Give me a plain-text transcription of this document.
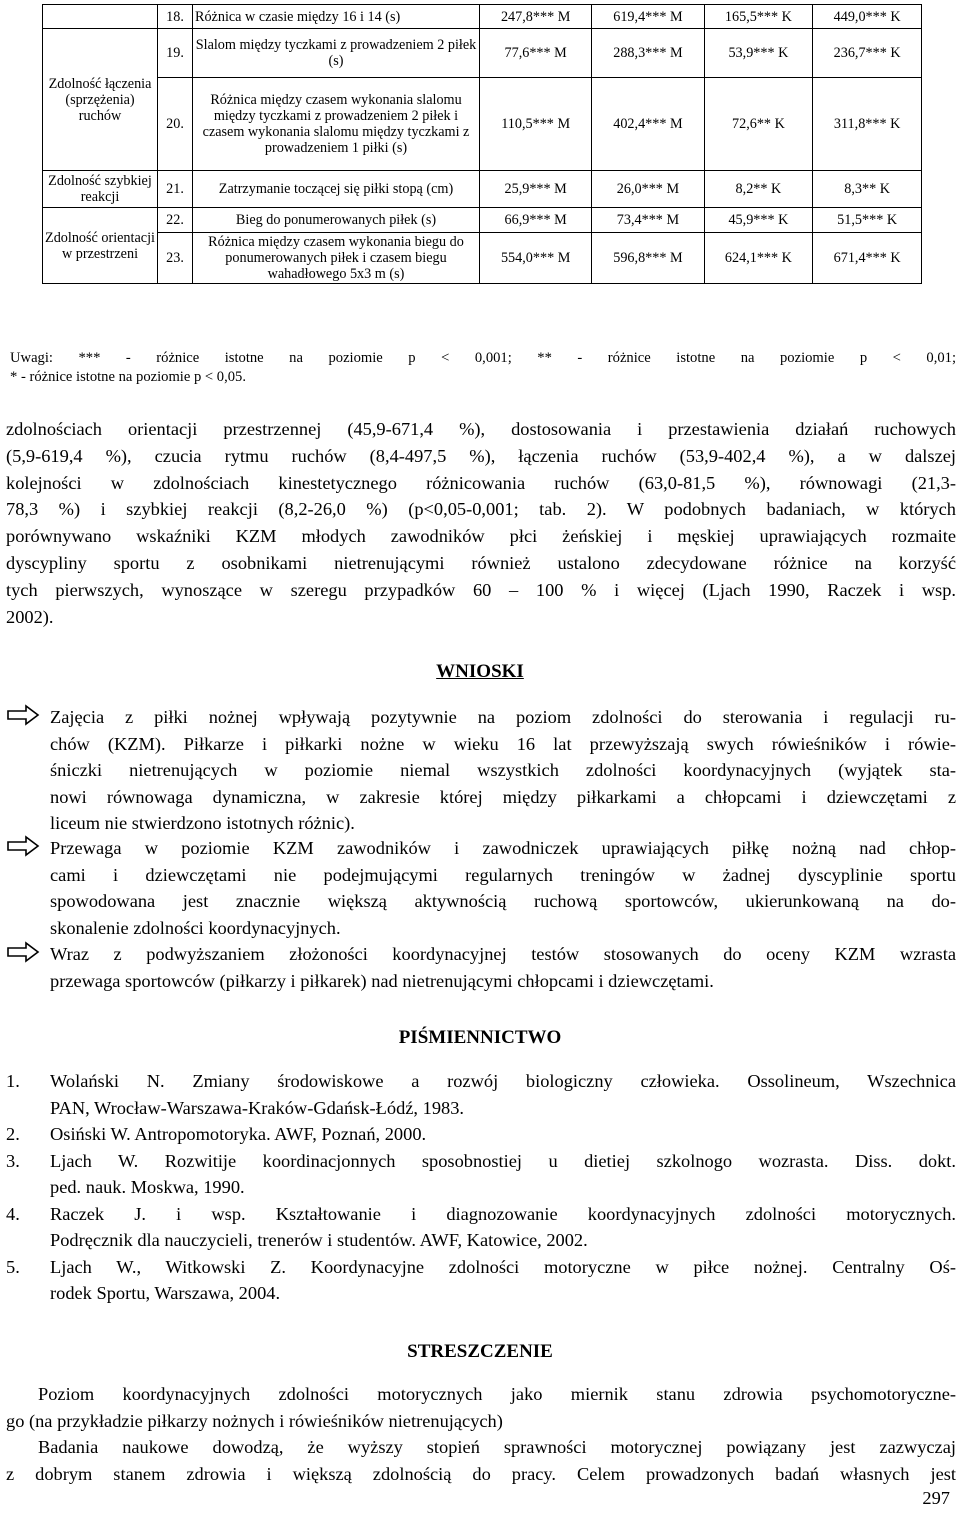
	18.	Różnica w czasie między 16 i 14 (s)	247,8*** M	619,4*** M	165,5*** K	449,0*** K
Zdolność łączenia (sprzężenia) ruchów	19.	Slalom między tyczkami z prowadzeniem 2 piłek (s)	77,6*** M	288,3*** M	53,9*** K	236,7*** K
	20.	Różnica między czasem wykonania slalomu między tyczkami z prowadzeniem 2 piłek i czasem wykonania slalomu między tyczkami z prowadzeniem 1 piłki (s)	110,5*** M	402,4*** M	72,6** K	311,8*** K
Zdolność szybkiej reakcji	21.	Zatrzymanie toczącej się piłki stopą (cm)	25,9*** M	26,0*** M	8,2** K	8,3** K
Zdolność orientacji w przestrzeni	22.	Bieg do ponumerowanych piłek (s)	66,9*** M	73,4*** M	45,9*** K	51,5*** K
	23.	Różnica między czasem wykonania biegu do ponumerowanych piłek i czasem biegu wahadłowego 5x3 m (s)	554,0*** M	596,8*** M	624,1*** K	671,4*** K
Uwagi: *** - różnice istotne na poziomie p < 0,001; ** - różnice istotne na poziomie p < 0,01;
* - różnice istotne na poziomie p < 0,05.
zdolnościach orientacji przestrzennej (45,9-671,4 %), dostosowania i przestawienia działań ruchowych
(5,9-619,4 %), czucia rytmu ruchów (8,4-497,5 %), łączenia ruchów (53,9-402,4 %), a w dalszej
kolejności w zdolnościach kinestetycznego różnicowania ruchów (63,0-81,5 %), równowagi (21,3-
78,3 %) i szybkiej reakcji (8,2-26,0 %) (p<0,05-0,001; tab. 2). W podobnych badaniach, w których
porównywano wskaźniki KZM młodych zawodników płci żeńskiej i męskiej uprawiających rozmaite
dyscypliny sportu z osobnikami nietrenującymi również ustalono zdecydowane różnice na korzyść
tych pierwszych, wynoszące w szeregu przypadków 60 – 100 % i więcej (Ljach 1990, Raczek i wsp.
2002).
WNIOSKI
Zajęcia z piłki nożnej wpływają pozytywnie na poziom zdolności do sterowania i regulacji ru-
chów (KZM). Piłkarze i piłkarki nożne w wieku 16 lat przewyższają swych rówieśników i rówie-
śniczki nietrenujących w poziomie niemal wszystkich zdolności koordynacyjnych (wyjątek sta-
nowi równowaga dynamiczna, w zakresie której między piłkarkami a chłopcami i dziewczętami z
liceum nie stwierdzono istotnych różnic).
Przewaga w poziomie KZM zawodników i zawodniczek uprawiających piłkę nożną nad chłop-
cami i dziewczętami nie podejmującymi regularnych treningów w żadnej dyscyplinie sportu
spowodowana jest znacznie większą aktywnością ruchową sportowców, ukierunkowaną na do-
skonalenie zdolności koordynacyjnych.
Wraz z podwyższaniem złożoności koordynacyjnej testów stosowanych do oceny KZM wzrasta
przewaga sportowców (piłkarzy i piłkarek) nad nietrenującymi chłopcami i dziewczętami.
PIŚMIENNICTWO
1. Wolański N. Zmiany środowiskowe a rozwój biologiczny człowieka. Ossolineum, Wszechnica
PAN, Wrocław-Warszawa-Kraków-Gdańsk-Łódź, 1983.
2. Osiński W. Antropomotoryka. AWF, Poznań, 2000.
3. Ljach W. Rozwitije koordinacjonnych sposobnostiej u dietiej szkolnogo wozrasta. Diss. dokt.
ped. nauk. Moskwa, 1990.
4. Raczek J. i wsp. Kształtowanie i diagnozowanie koordynacyjnych zdolności motorycznych.
Podręcznik dla nauczycieli, trenerów i studentów. AWF, Katowice, 2002.
5. Ljach W., Witkowski Z. Koordynacyjne zdolności motoryczne w piłce nożnej. Centralny Oś-
rodek Sportu, Warszawa, 2004.
STRESZCZENIE
Poziom koordynacyjnych zdolności motorycznych jako miernik stanu zdrowia psychomotoryczne-
go (na przykładzie piłkarzy nożnych i rówieśników nietrenujących)
Badania naukowe dowodzą, że wyższy stopień sprawności motorycznej powiązany jest zazwyczaj
z dobrym stanem zdrowia i większą zdolnością do pracy. Celem prowadzonych badań własnych jest
297
